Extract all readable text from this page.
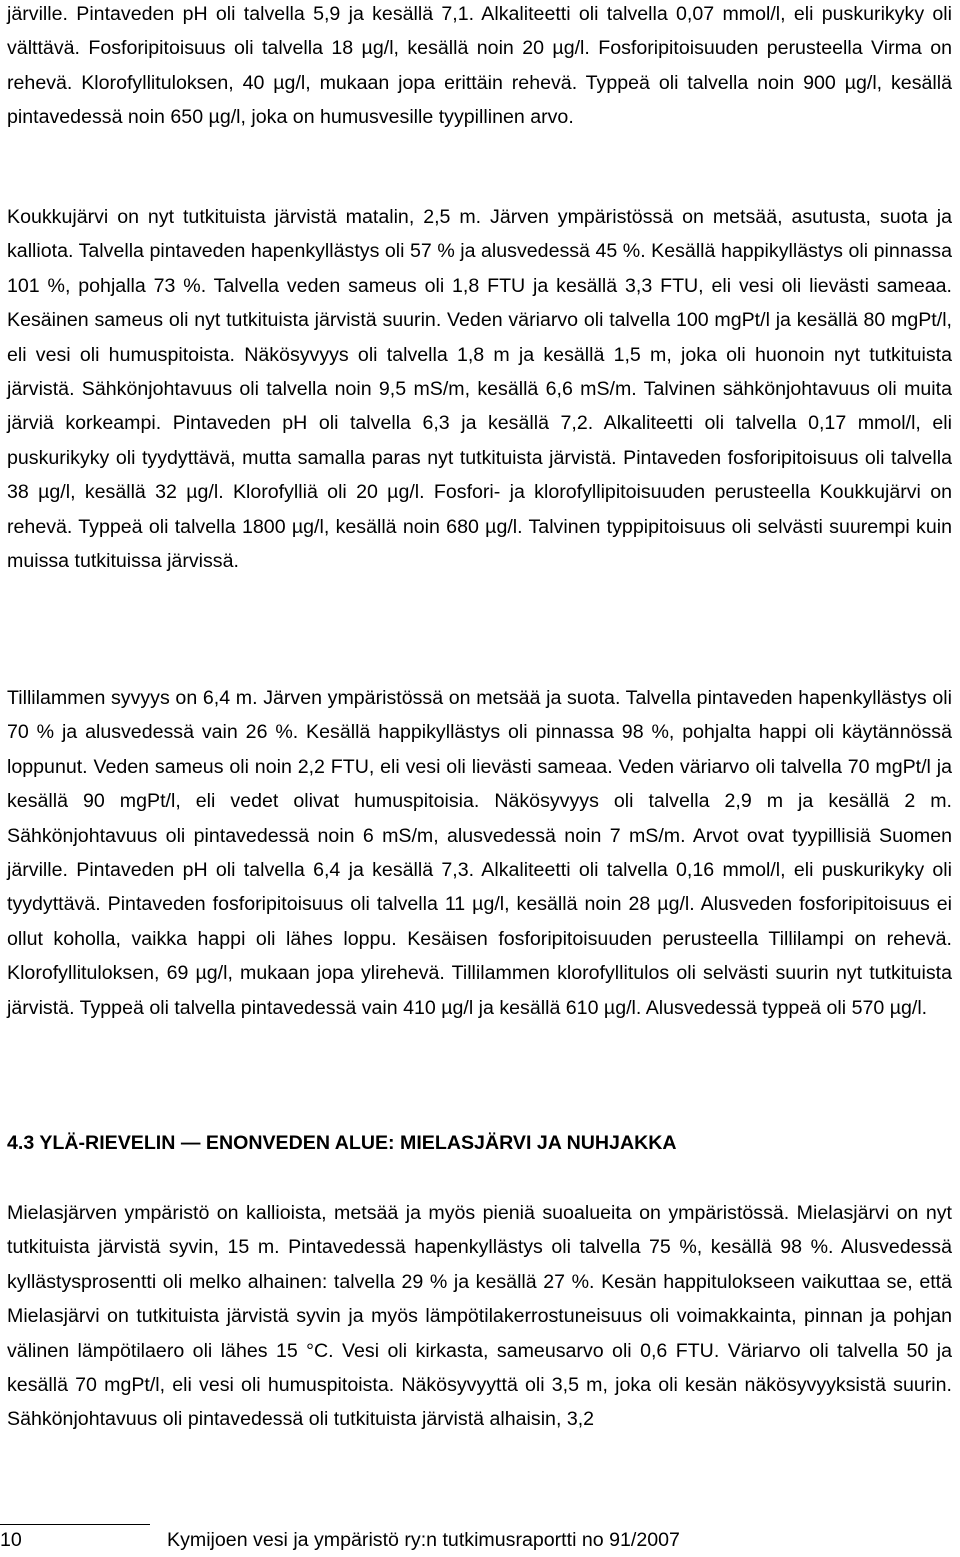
järville. Pintaveden pH oli talvella 5,9 ja kesällä 7,1. Alkaliteetti oli talvella 0,07 mmol/l, eli puskurikyky oli välttävä. Fosforipitoisuus oli talvella 18 µg/l, kesällä noin 20 µg/l. Fosforipitoisuuden perusteella Virma on rehevä. Klorofyllituloksen, 40 µg/l, mukaan jopa erittäin rehevä. Typpeä oli talvella noin 900 µg/l, kesällä pintavedessä noin 650 µg/l, joka on humusvesille tyypillinen arvo.

Koukkujärvi on nyt tutkituista järvistä matalin, 2,5 m. Järven ympäristössä on metsää, asutusta, suota ja kalliota. Talvella pintaveden hapenkyllästys oli 57 % ja alusvedessä 45 %. Kesällä happikyllästys oli pinnassa 101 %, pohjalla 73 %. Talvella veden sameus oli 1,8 FTU ja kesällä 3,3 FTU, eli vesi oli lievästi sameaa. Kesäinen sameus oli nyt tutkituista järvistä suurin. Veden väriarvo oli talvella 100 mgPt/l ja kesällä 80 mgPt/l, eli vesi oli humuspitoista. Näkösyvyys oli talvella 1,8 m ja kesällä 1,5 m, joka oli huonoin nyt tutkituista järvistä. Sähkönjohtavuus oli talvella noin 9,5 mS/m, kesällä 6,6 mS/m. Talvinen sähkönjohtavuus oli muita järviä korkeampi. Pintaveden pH oli talvella 6,3 ja kesällä 7,2. Alkaliteetti oli talvella 0,17 mmol/l, eli puskurikyky oli tyydyttävä, mutta samalla paras nyt tutkituista järvistä. Pintaveden fosforipitoisuus oli talvella 38 µg/l, kesällä 32 µg/l. Klorofylliä oli 20 µg/l. Fosfori- ja klorofyllipitoisuuden perusteella Koukkujärvi on rehevä. Typpeä oli talvella 1800 µg/l, kesällä noin 680 µg/l. Talvinen typpipitoisuus oli selvästi suurempi kuin muissa tutkituissa järvissä.

Tillilammen syvyys on 6,4 m. Järven ympäristössä on metsää ja suota. Talvella pintaveden hapenkyllästys oli 70 % ja alusvedessä vain 26 %. Kesällä happikyllästys oli pinnassa 98 %, pohjalta happi oli käytännössä loppunut. Veden sameus oli noin 2,2 FTU, eli vesi oli lievästi sameaa. Veden väriarvo oli talvella 70 mgPt/l ja kesällä 90 mgPt/l, eli vedet olivat humuspitoisia. Näkösyvyys oli talvella 2,9 m ja kesällä 2 m. Sähkönjohtavuus oli pintavedessä noin 6 mS/m, alusvedessä noin 7 mS/m. Arvot ovat tyypillisiä Suomen järville. Pintaveden pH oli talvella 6,4 ja kesällä 7,3. Alkaliteetti oli talvella 0,16 mmol/l, eli puskurikyky oli tyydyttävä. Pintaveden fosforipitoisuus oli talvella 11 µg/l, kesällä noin 28 µg/l. Alusveden fosforipitoisuus ei ollut koholla, vaikka happi oli lähes loppu. Kesäisen fosforipitoisuuden perusteella Tillilampi on rehevä. Klorofyllituloksen, 69 µg/l, mukaan jopa ylirehevä. Tillilammen klorofyllitulos oli selvästi suurin nyt tutkituista järvistä. Typpeä oli talvella pintavedessä vain 410 µg/l ja kesällä 610 µg/l. Alusvedessä typpeä oli 570 µg/l.

4.3 YLÄ-RIEVELIN — ENONVEDEN ALUE: MIELASJÄRVI JA NUHJAKKA

Mielasjärven ympäristö on kallioista, metsää ja myös pieniä suoalueita on ympäristössä. Mielasjärvi on nyt tutkituista järvistä syvin, 15 m. Pintavedessä hapenkyllästys oli talvella 75 %, kesällä 98 %. Alusvedessä kyllästysprosentti oli melko alhainen: talvella 29 % ja kesällä 27 %. Kesän happitulokseen vaikuttaa se, että Mielasjärvi on tutkituista järvistä syvin ja myös lämpötilakerrostuneisuus oli voimakkainta, pinnan ja pohjan välinen lämpötilaero oli lähes 15 °C. Vesi oli kirkasta, sameusarvo oli 0,6 FTU. Väriarvo oli talvella 50 ja kesällä 70 mgPt/l, eli vesi oli humuspitoista. Näkösyvyyttä oli 3,5 m, joka oli kesän näkösyvyyksistä suurin. Sähkönjohtavuus oli pintavedessä oli tutkituista järvistä alhaisin, 3,2

10	Kymijoen vesi ja ympäristö ry:n tutkimusraportti no 91/2007
